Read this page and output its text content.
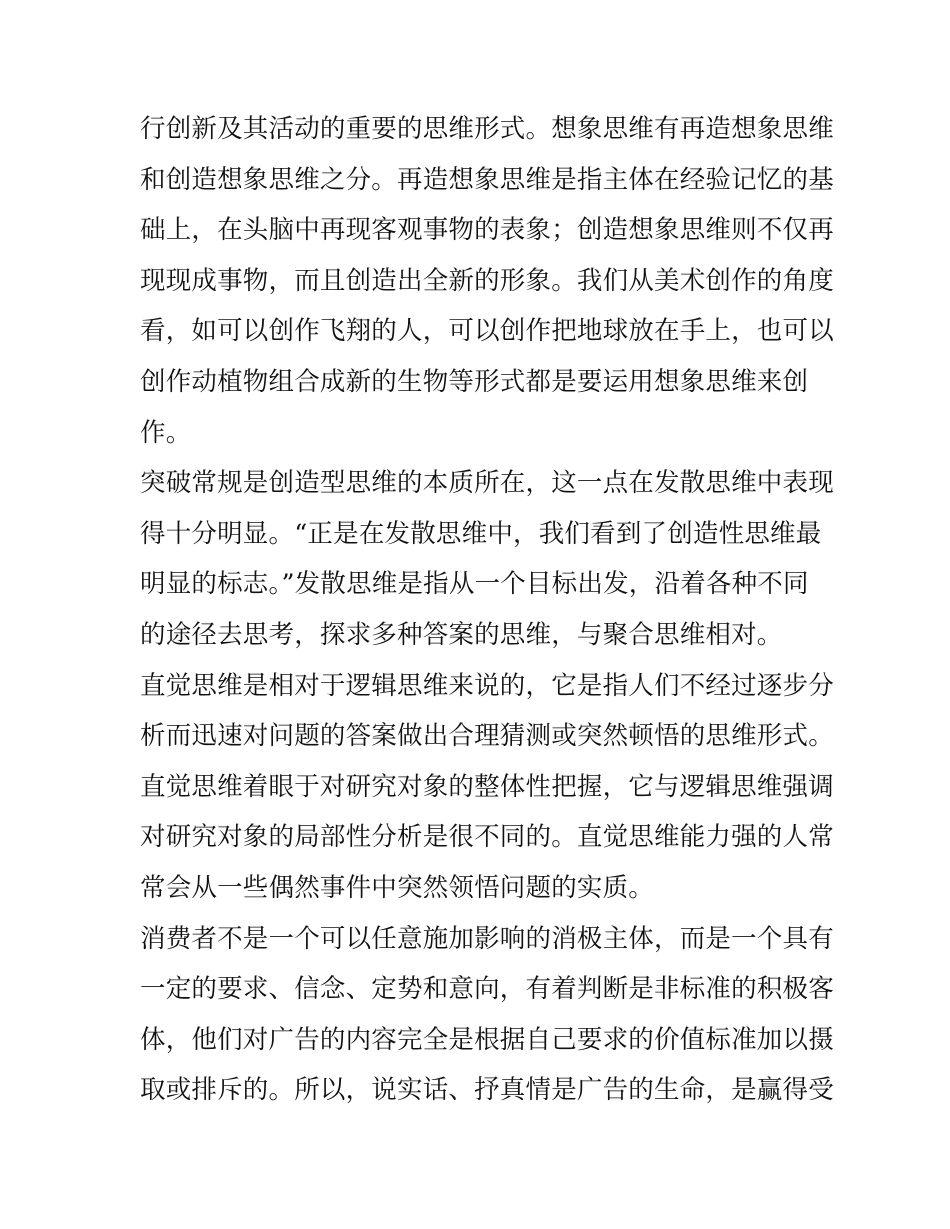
行创新及其活动的重要的思维形式。想象思维有再造想象思维
和创造想象思维之分。再造想象思维是指主体在经验记忆的基
础上，在头脑中再现客观事物的表象；创造想象思维则不仅再
现现成事物，而且创造出全新的形象。我们从美术创作的角度
看，如可以创作飞翔的人，可以创作把地球放在手上，也可以
创作动植物组合成新的生物等形式都是要运用想象思维来创
作。
突破常规是创造型思维的本质所在，这一点在发散思维中表现
得十分明显。“正是在发散思维中，我们看到了创造性思维最
明显的标志。”发散思维是指从一个目标出发，沿着各种不同
的途径去思考，探求多种答案的思维，与聚合思维相对。
直觉思维是相对于逻辑思维来说的，它是指人们不经过逐步分
析而迅速对问题的答案做出合理猜测或突然顿悟的思维形式。
直觉思维着眼于对研究对象的整体性把握，它与逻辑思维强调
对研究对象的局部性分析是很不同的。直觉思维能力强的人常
常会从一些偶然事件中突然领悟问题的实质。
消费者不是一个可以任意施加影响的消极主体，而是一个具有
一定的要求、信念、定势和意向，有着判断是非标准的积极客
体，他们对广告的内容完全是根据自己要求的价值标准加以摄
取或排斥的。所以，说实话、抒真情是广告的生命，是赢得受
